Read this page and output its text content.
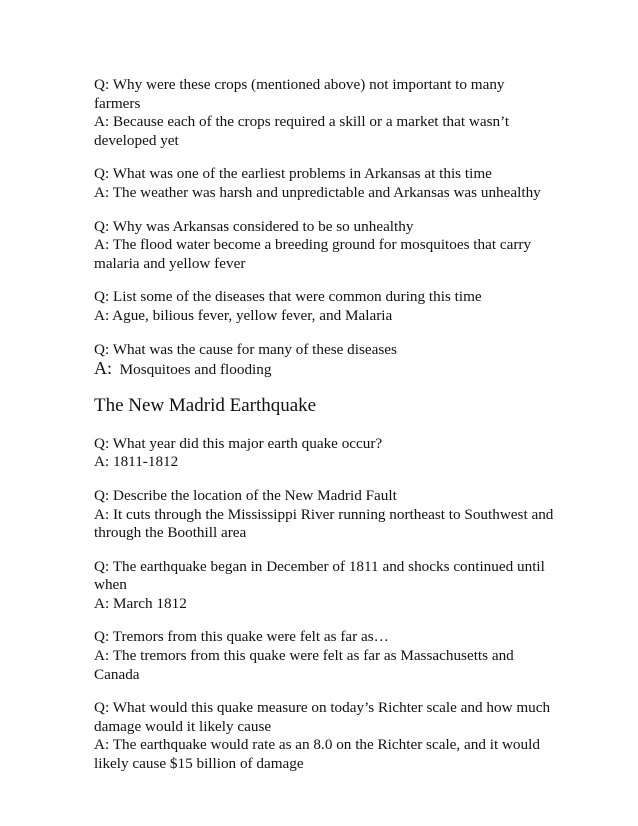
Q: Why were these crops (mentioned above) not important to many farmers
A: Because each of the crops required a skill or a market that wasn’t developed yet
Q: What was one of the earliest problems in Arkansas at this time
A: The weather was harsh and unpredictable and Arkansas was unhealthy
Q: Why was Arkansas considered to be so unhealthy
A: The flood water become a breeding ground for mosquitoes that carry malaria and yellow fever
Q: List some of the diseases that were common during this time
A: Ague, bilious fever, yellow fever, and Malaria
Q: What was the cause for many of these diseases
A: Mosquitoes and flooding
The New Madrid Earthquake
Q: What year did this major earth quake occur?
A: 1811-1812
Q: Describe the location of the New Madrid Fault
A: It cuts through the Mississippi River running northeast to Southwest and through the Boothill area
Q: The earthquake began in December of 1811 and shocks continued until when
A: March 1812
Q: Tremors from this quake were felt as far as…
A: The tremors from this quake were felt as far as Massachusetts and Canada
Q: What would this quake measure on today’s Richter scale and how much damage would it likely cause
A: The earthquake would rate as an 8.0 on the Richter scale, and it would likely cause $15 billion of damage
